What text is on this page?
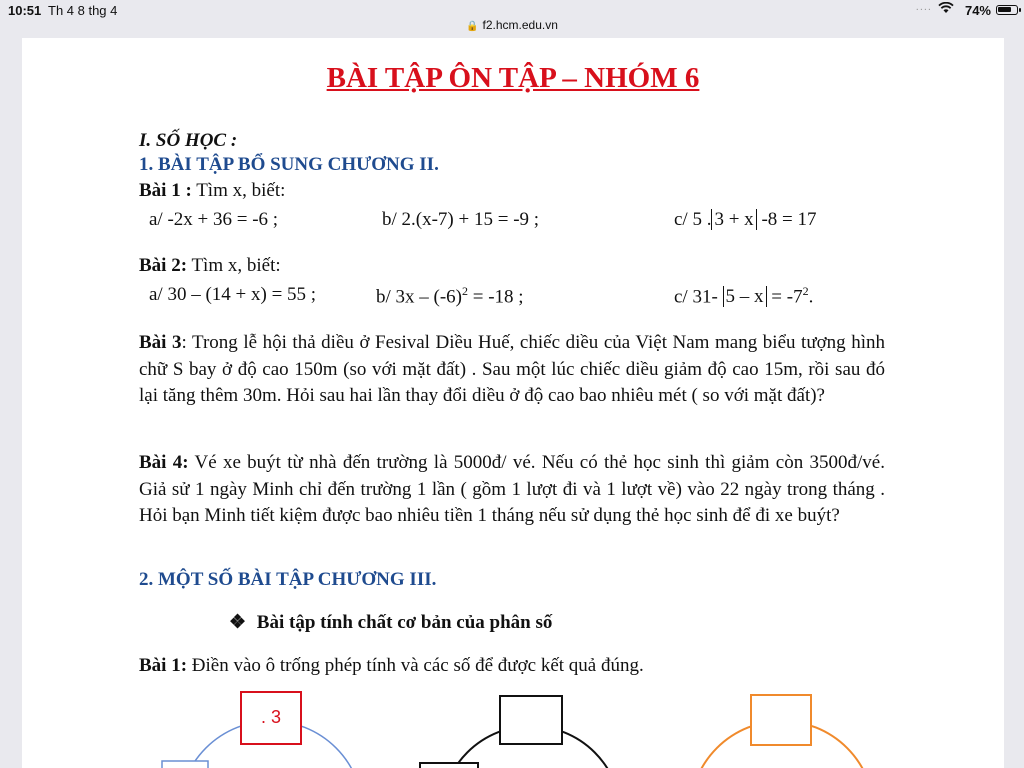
10:51 Th 4 8 thg 4	....	74%
🔒 f2.hcm.edu.vn
BÀI TẬP ÔN TẬP – NHÓM 6
I. SỐ HỌC :
1. BÀI TẬP BỔ SUNG CHƯƠNG II.
Bài 1 : Tìm x, biết:
a/ -2x + 36 = -6 ;	b/ 2.(x-7) + 15 = -9 ;	c/ 5 . 3 + x -8 = 17
Bài 2: Tìm x, biết:
a/ 30 – (14 + x) = 55 ;	b/ $3x - (-6)^2 = -18$ ;	c/ 31- $5 - x = -7^2$.
Bài 3: Trong lễ hội thả diều ở Fesival Diều Huế, chiếc diều của Việt Nam mang biểu tượng hình chữ S bay ở độ cao 150m (so với mặt đất) . Sau một lúc chiếc diều giảm độ cao 15m, rồi sau đó lại tăng thêm 30m. Hỏi sau hai lần thay đổi diều ở độ cao bao nhiêu mét ( so với mặt đất)?
Bài 4: Vé xe buýt từ nhà đến trường là 5000đ/ vé. Nếu có thẻ học sinh thì giảm còn 3500đ/vé. Giả sử 1 ngày Minh chỉ đến trường 1 lần ( gồm 1 lượt đi và 1 lượt về) vào 22 ngày trong tháng . Hỏi bạn Minh tiết kiệm được bao nhiêu tiền 1 tháng nếu sử dụng thẻ học sinh để đi xe buýt?
2. MỘT SỐ BÀI TẬP CHƯƠNG III.
❖ Bài tập tính chất cơ bản của phân số
Bài 1: Điền vào ô trống phép tính và các số để được kết quả đúng.
. 3
